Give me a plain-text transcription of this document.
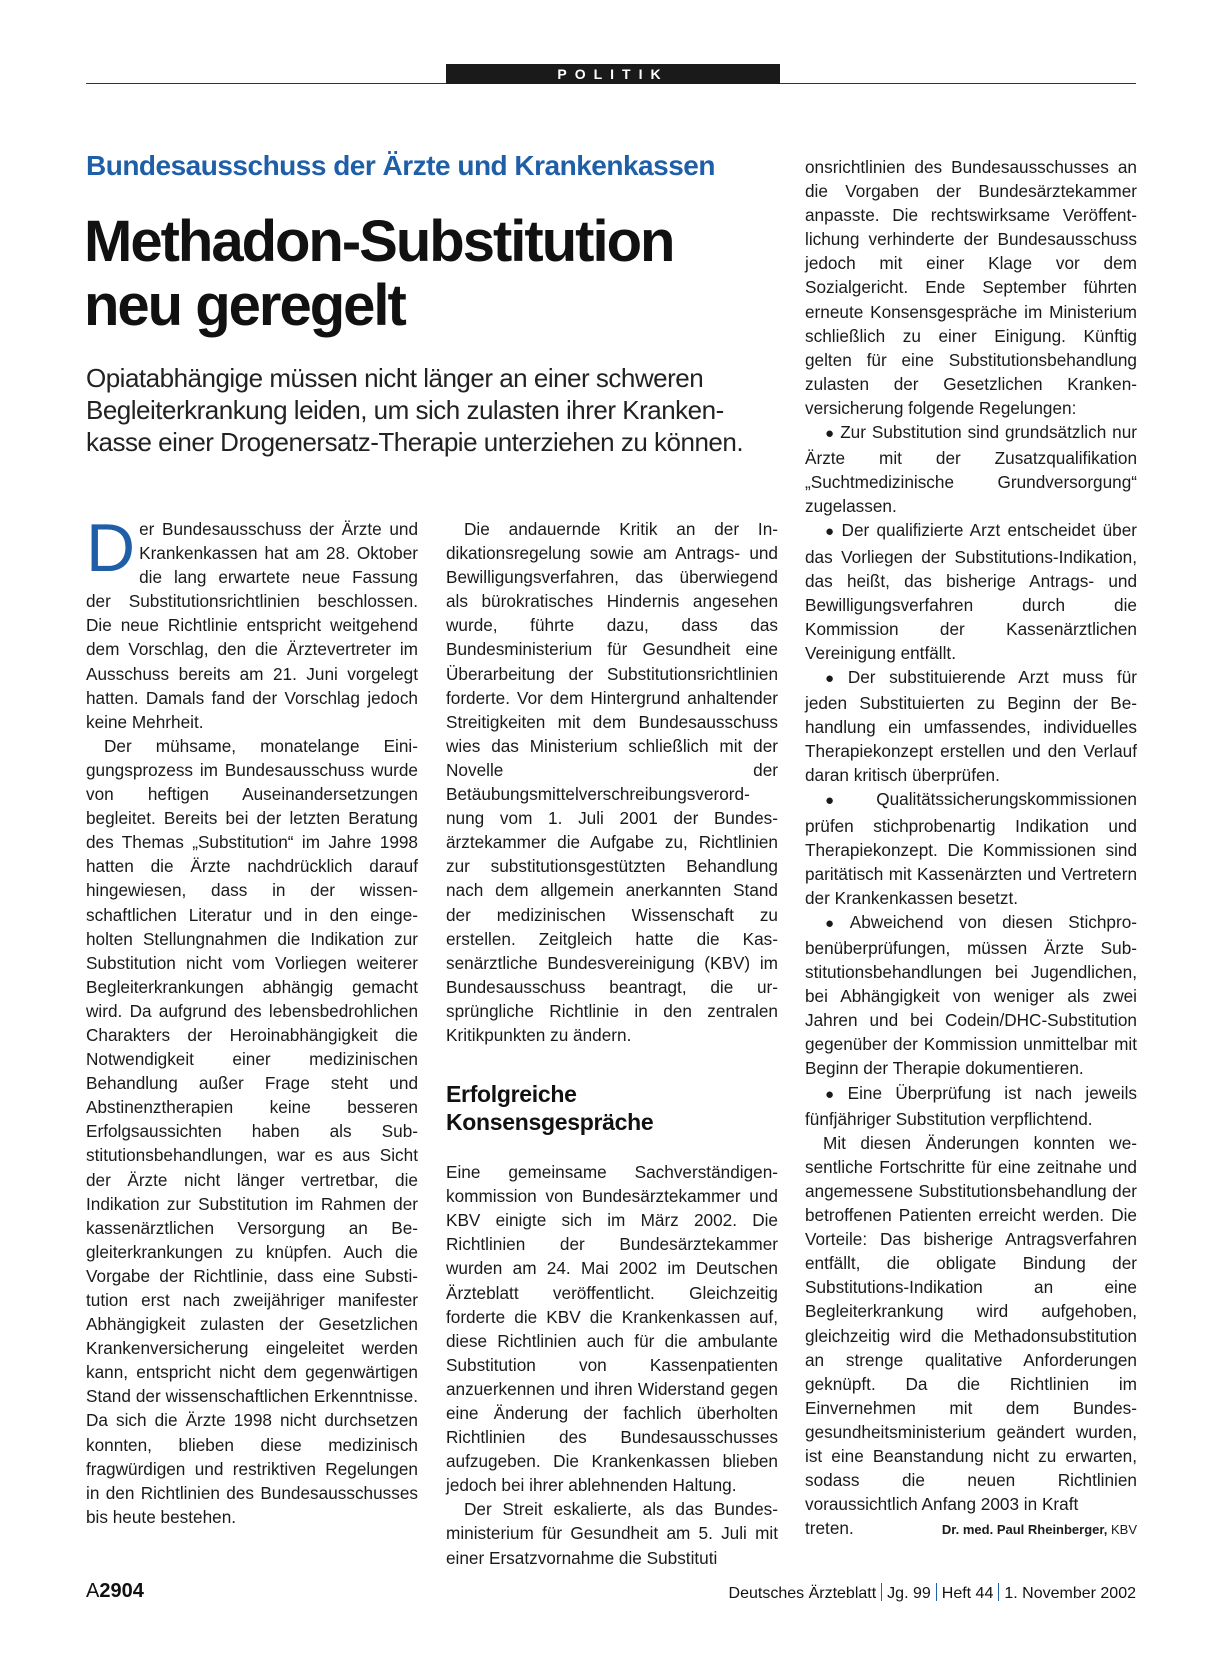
POLITIK
Bundesausschuss der Ärzte und Krankenkassen
Methadon-Substitution
neu geregelt
Opiatabhängige müssen nicht länger an einer schweren Begleiterkrankung leiden, um sich zulasten ihrer Krankenkasse einer Drogenersatz-Therapie unterziehen zu können.

Der Bundesausschuss der Ärzte und Krankenkassen hat am 28. Oktober die lang erwartete neue Fassung der Substitutionsrichtlinien beschlossen. Die neue Richtlinie entspricht weitgehend dem Vorschlag, den die Ärztevertreter im Ausschuss bereits am 21. Juni vorgelegt hatten. Damals fand der Vorschlag jedoch keine Mehrheit.

Der mühsame, monatelange Einigungsprozess im Bundesausschuss wurde von heftigen Auseinandersetzungen begleitet. Bereits bei der letzten Beratung des Themas „Substitution“ im Jahre 1998 hatten die Ärzte nachdrücklich darauf hingewiesen, dass in der wissenschaftlichen Literatur und in den eingeholten Stellungnahmen die Indikation zur Substitution nicht vom Vorliegen weiterer Begleiterkrankungen abhängig gemacht wird. Da aufgrund des lebensbedrohlichen Charakters der Heroinabhängigkeit die Notwendigkeit einer medizinischen Behandlung außer Frage steht und Abstinenztherapien keine besseren Erfolgsaussichten haben als Substitutionsbehandlungen, war es aus Sicht der Ärzte nicht länger vertretbar, die Indikation zur Substitution im Rahmen der kassenärztlichen Versorgung an Begleiterkrankungen zu knüpfen. Auch die Vorgabe der Richtlinie, dass eine Substitution erst nach zweijähriger manifester Abhängigkeit zulasten der Gesetzlichen Krankenversicherung eingeleitet werden kann, entspricht nicht dem gegenwärtigen Stand der wissenschaftlichen Erkenntnisse. Da sich die Ärzte 1998 nicht durchsetzen konnten, blieben diese medizinisch fragwürdigen und restriktiven Regelungen in den Richtlinien des Bundesausschusses bis heute bestehen.

Die andauernde Kritik an der Indikationsregelung sowie am Antrags- und Bewilligungsverfahren, das überwiegend als bürokratisches Hindernis angesehen wurde, führte dazu, dass das Bundesministerium für Gesundheit eine Überarbeitung der Substitutionsrichtlinien forderte. Vor dem Hintergrund anhaltender Streitigkeiten mit dem Bundesausschuss wies das Ministerium schließlich mit der Novelle der Betäubungsmittelverschreibungsverordnung vom 1. Juli 2001 der Bundesärztekammer die Aufgabe zu, Richtlinien zur substitutionsgestützten Behandlung nach dem allgemein anerkannten Stand der medizinischen Wissenschaft zu erstellen. Zeitgleich hatte die Kassenärztliche Bundesvereinigung (KBV) im Bundesausschuss beantragt, die ursprüngliche Richtlinie in den zentralen Kritikpunkten zu ändern.

Erfolgreiche Konsensgespräche

Eine gemeinsame Sachverständigenkommission von Bundesärztekammer und KBV einigte sich im März 2002. Die Richtlinien der Bundesärztekammer wurden am 24. Mai 2002 im Deutschen Ärzteblatt veröffentlicht. Gleichzeitig forderte die KBV die Krankenkassen auf, diese Richtlinien auch für die ambulante Substitution von Kassenpatienten anzuerkennen und ihren Widerstand gegen eine Änderung der fachlich überholten Richtlinien des Bundesausschusses aufzugeben. Die Krankenkassen blieben jedoch bei ihrer ablehnenden Haltung.

Der Streit eskalierte, als das Bundesministerium für Gesundheit am 5. Juli mit einer Ersatzvornahme die Substituti

onsrichtlinien des Bundesausschusses an die Vorgaben der Bundesärztekammer anpasste. Die rechtswirksame Veröffentlichung verhinderte der Bundesausschuss jedoch mit einer Klage vor dem Sozialgericht. Ende September führten erneute Konsensgespräche im Ministerium schließlich zu einer Einigung. Künftig gelten für eine Substitutionsbehandlung zulasten der Gesetzlichen Krankenversicherung folgende Regelungen:

● Zur Substitution sind grundsätzlich nur Ärzte mit der Zusatzqualifikation „Suchtmedizinische Grundversorgung“ zugelassen.

● Der qualifizierte Arzt entscheidet über das Vorliegen der Substitutions-Indikation, das heißt, das bisherige Antrags- und Bewilligungsverfahren durch die Kommission der Kassenärztlichen Vereinigung entfällt.

● Der substituierende Arzt muss für jeden Substituierten zu Beginn der Behandlung ein umfassendes, individuelles Therapiekonzept erstellen und den Verlauf daran kritisch überprüfen.

● Qualitätssicherungskommissionen prüfen stichprobenartig Indikation und Therapiekonzept. Die Kommissionen sind paritätisch mit Kassenärzten und Vertretern der Krankenkassen besetzt.

● Abweichend von diesen Stichprobenüberprüfungen, müssen Ärzte Substitutionsbehandlungen bei Jugendlichen, bei Abhängigkeit von weniger als zwei Jahren und bei Codein/DHC-Substitution gegenüber der Kommission unmittelbar mit Beginn der Therapie dokumentieren.

● Eine Überprüfung ist nach jeweils fünfjähriger Substitution verpflichtend.

Mit diesen Änderungen konnten wesentliche Fortschritte für eine zeitnahe und angemessene Substitutionsbehandlung der betroffenen Patienten erreicht werden. Die Vorteile: Das bisherige Antragsverfahren entfällt, die obligate Bindung der Substitutions-Indikation an eine Begleiterkrankung wird aufgehoben, gleichzeitig wird die Methadonsubstitution an strenge qualitative Anforderungen geknüpft. Da die Richtlinien im Einvernehmen mit dem Bundesgesundheitsministerium geändert wurden, ist eine Beanstandung nicht zu erwarten, sodass die neuen Richtlinien voraussichtlich Anfang 2003 in Kraft

treten.	Dr. med. Paul Rheinberger, KBV
A2904	Deutsches Ärzteblatt Jg. 99 Heft 44 1. November 2002
